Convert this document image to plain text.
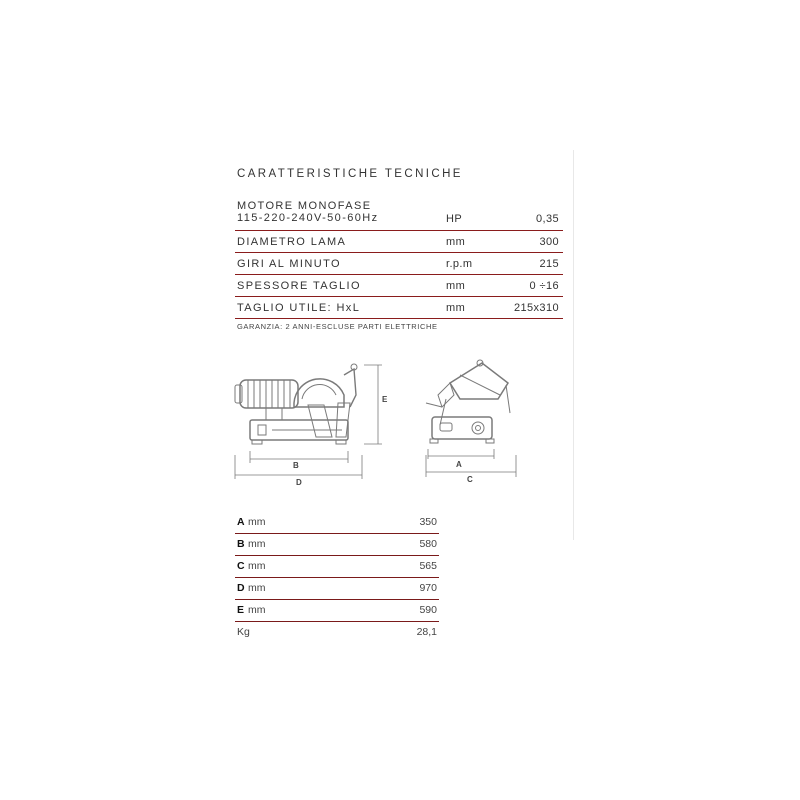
CARATTERISTICHE TECNICHE
MOTORE MONOFASE
115-220-240V-50-60Hz	HP	0,35
DIAMETRO LAMA	mm	300
GIRI AL MINUTO	r.p.m	215
SPESSORE TAGLIO	mm	0 ÷16
TAGLIO UTILE: HxL	mm	215x310
GARANZIA: 2 ANNI-ESCLUSE PARTI ELETTRICHE
E
B
D
A
C
A mm	350
B mm	580
C mm	565
D mm	970
E mm	590
Kg	28,1
